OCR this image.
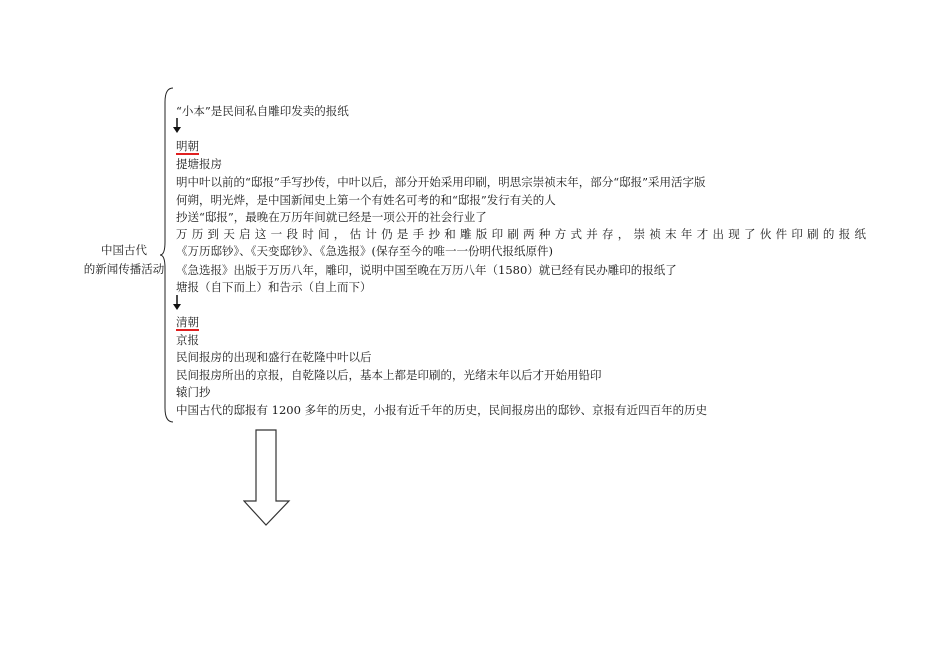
中国古代
的新闻传播活动
“小本”是民间私自雕印发卖的报纸
明朝
提塘报房
明中叶以前的“邸报”手写抄传，中叶以后，部分开始采用印刷，明思宗崇祯末年，部分“邸报”采用活字版
何朔，明光烨，是中国新闻史上第一个有姓名可考的和“邸报”发行有关的人
抄送“邸报”，最晚在万历年间就已经是一项公开的社会行业了
万历到天启这一段时间，估计仍是手抄和雕版印刷两种方式并存，崇祯末年才出现了伙件印刷的报纸
《万历邸钞》、《天变邸钞》、《急选报》(保存至今的唯一一份明代报纸原件)
《急选报》出版于万历八年，雕印，说明中国至晚在万历八年（1580）就已经有民办雕印的报纸了
塘报（自下而上）和告示（自上而下）
清朝
京报
民间报房的出现和盛行在乾隆中叶以后
民间报房所出的京报，自乾隆以后，基本上都是印刷的，光绪末年以后才开始用铅印
辕门抄
中国古代的邸报有 1200 多年的历史，小报有近千年的历史，民间报房出的邸钞、京报有近四百年的历史
